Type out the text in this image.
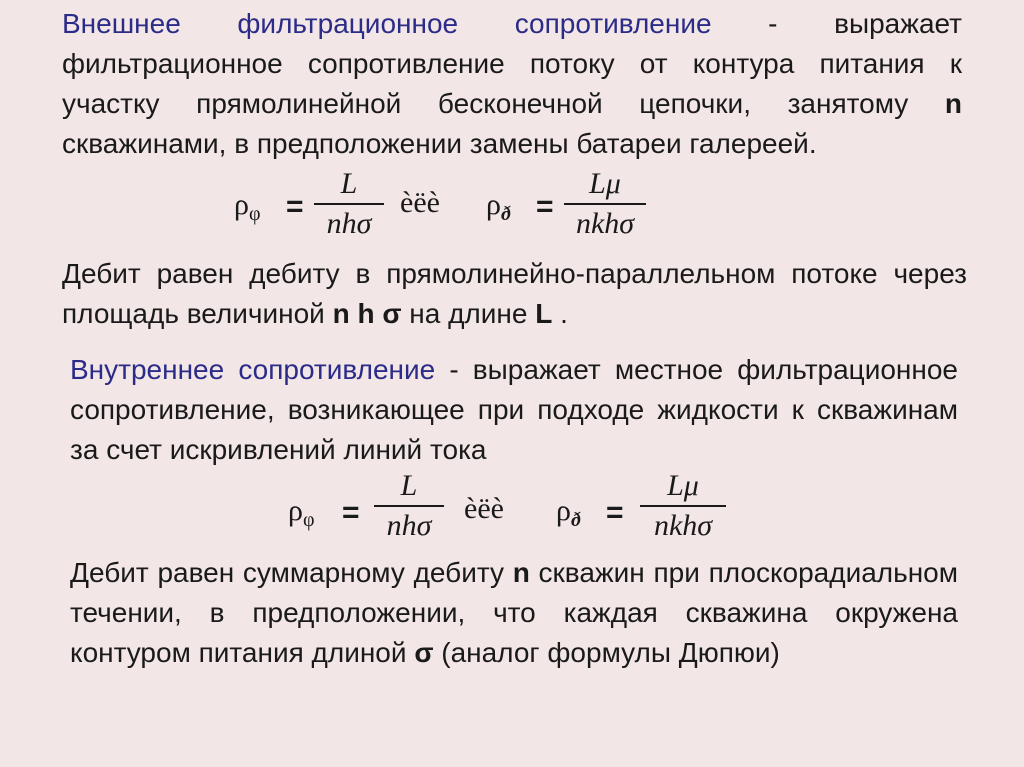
Внешнее фильтрационное сопротивление - выражает фильтрационное сопротивление потоку от контура питания к участку прямолинейной бесконечной цепочки, занятому n скважинами, в предположении замены батареи галереей.
$\rho_\varphi$ =
L
nhσ
èëè $\rho_ð$ =
Lμ
nkhσ
Дебит равен дебиту в прямолинейно-параллельном потоке через площадь величиной n h σ на длине L .
Внутреннее сопротивление - выражает местное фильтрационное сопротивление, возникающее при подходе жидкости к скважинам за счет искривлений линий тока
$\rho_\varphi$ =
L
nhσ
èëè $\rho_ð$ =
Lμ
nkhσ
Дебит равен суммарному дебиту n скважин при плоскорадиальном течении, в предположении, что каждая скважина окружена контуром питания длиной σ (аналог формулы Дюпюи)
